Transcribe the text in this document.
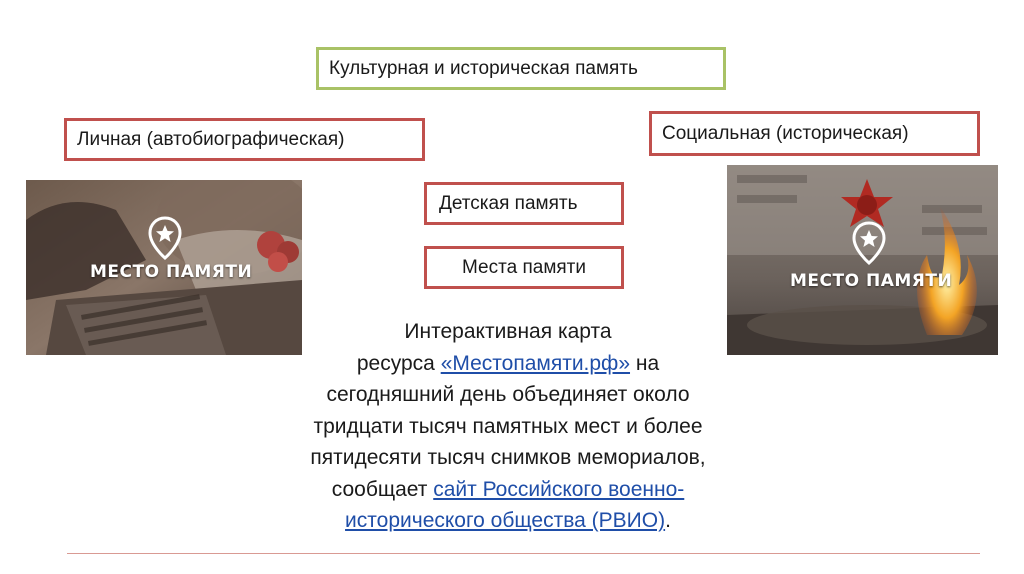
Культурная и историческая память
Личная (автобиографическая)	Социальная (историческая)
Детская память
Места памяти
МЕСТО ПАМЯТИ	МЕСТО ПАМЯТИ
Интерактивная карта
ресурса «Местопамяти.рф» на
сегодняшний день объединяет около
тридцати тысяч памятных мест и более
пятидесяти тысяч снимков мемориалов,
сообщает сайт Российского военно-
исторического общества (РВИО).
